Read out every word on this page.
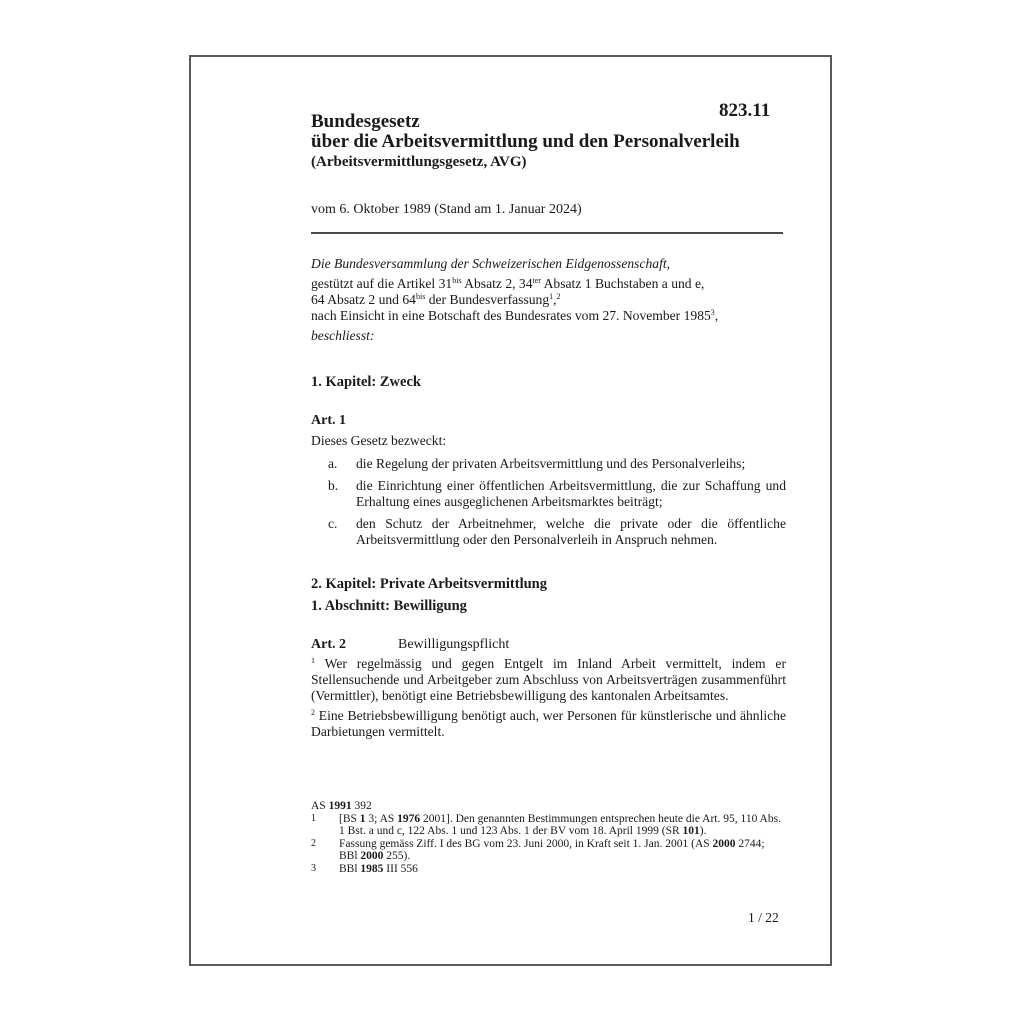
823.11
Bundesgesetz
über die Arbeitsvermittlung und den Personalverleih
(Arbeitsvermittlungsgesetz, AVG)
vom 6. Oktober 1989 (Stand am 1. Januar 2024)

Die Bundesversammlung der Schweizerischen Eidgenossenschaft,

gestützt auf die Artikel $31^{bis}$ Absatz 2, $34^{ter}$ Absatz 1 Buchstaben a und e,

64 Absatz 2 und $64^{bis}$ der Bundesverfassung$^1$,$^2$

nach Einsicht in eine Botschaft des Bundesrates vom 27. November 1985$^3$,

beschliesst:

1. Kapitel: Zweck
Art. 1
Dieses Gesetz bezweckt:
a.	die Regelung der privaten Arbeitsvermittlung und des Personalverleihs;
b.	die Einrichtung einer öffentlichen Arbeitsvermittlung, die zur Schaffung und Erhaltung eines ausgeglichenen Arbeitsmarktes beiträgt;
c.	den Schutz der Arbeitnehmer, welche die private oder die öffentliche Arbeitsvermittlung oder den Personalverleih in Anspruch nehmen.
2. Kapitel: Private Arbeitsvermittlung
1. Abschnitt: Bewilligung
Art. 2	Bewilligungspflicht

$^1$ Wer regelmässig und gegen Entgelt im Inland Arbeit vermittelt, indem er Stellensuchende und Arbeitgeber zum Abschluss von Arbeitsverträgen zusammenführt (Vermittler), benötigt eine Betriebsbewilligung des kantonalen Arbeitsamtes.

$^2$ Eine Betriebsbewilligung benötigt auch, wer Personen für künstlerische und ähnliche Darbietungen vermittelt.

AS 1991 392
1	[BS 1 3; AS 1976 2001]. Den genannten Bestimmungen entsprechen heute die Art. 95, 110 Abs. 1 Bst. a und c, 122 Abs. 1 und 123 Abs. 1 der BV vom 18. April 1999 (SR 101).
2	Fassung gemäss Ziff. I des BG vom 23. Juni 2000, in Kraft seit 1. Jan. 2001 (AS 2000 2744; BBl 2000 255).
3	BBl 1985 III 556
1 / 22
